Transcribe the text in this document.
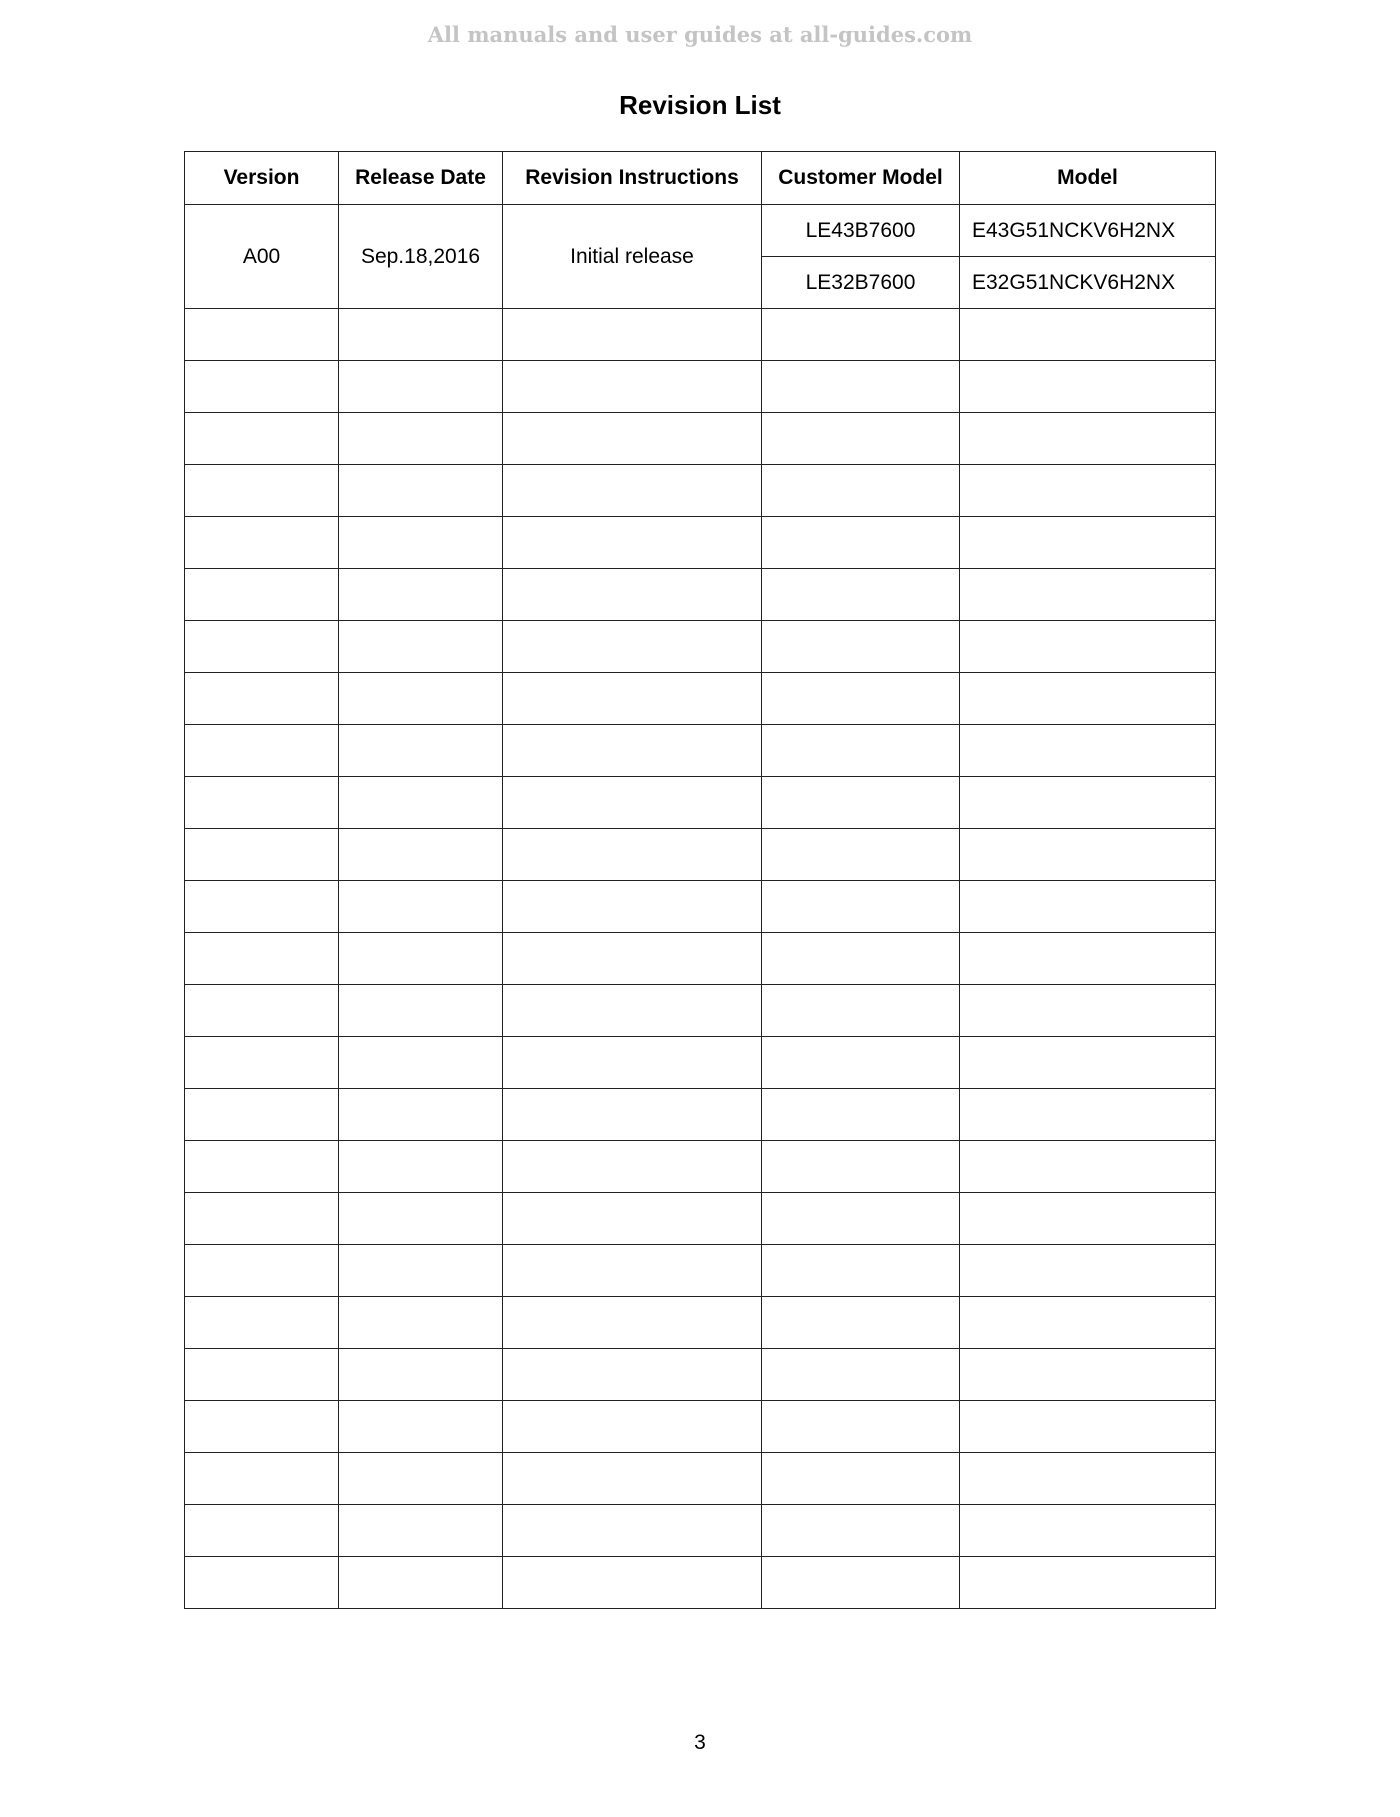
All manuals and user guides at all-guides.com
Revision List
Version	Release Date	Revision Instructions	Customer Model	Model
A00	Sep.18,2016	Initial release	LE43B7600	E43G51NCKV6H2NX
			LE32B7600	E32G51NCKV6H2NX

3
